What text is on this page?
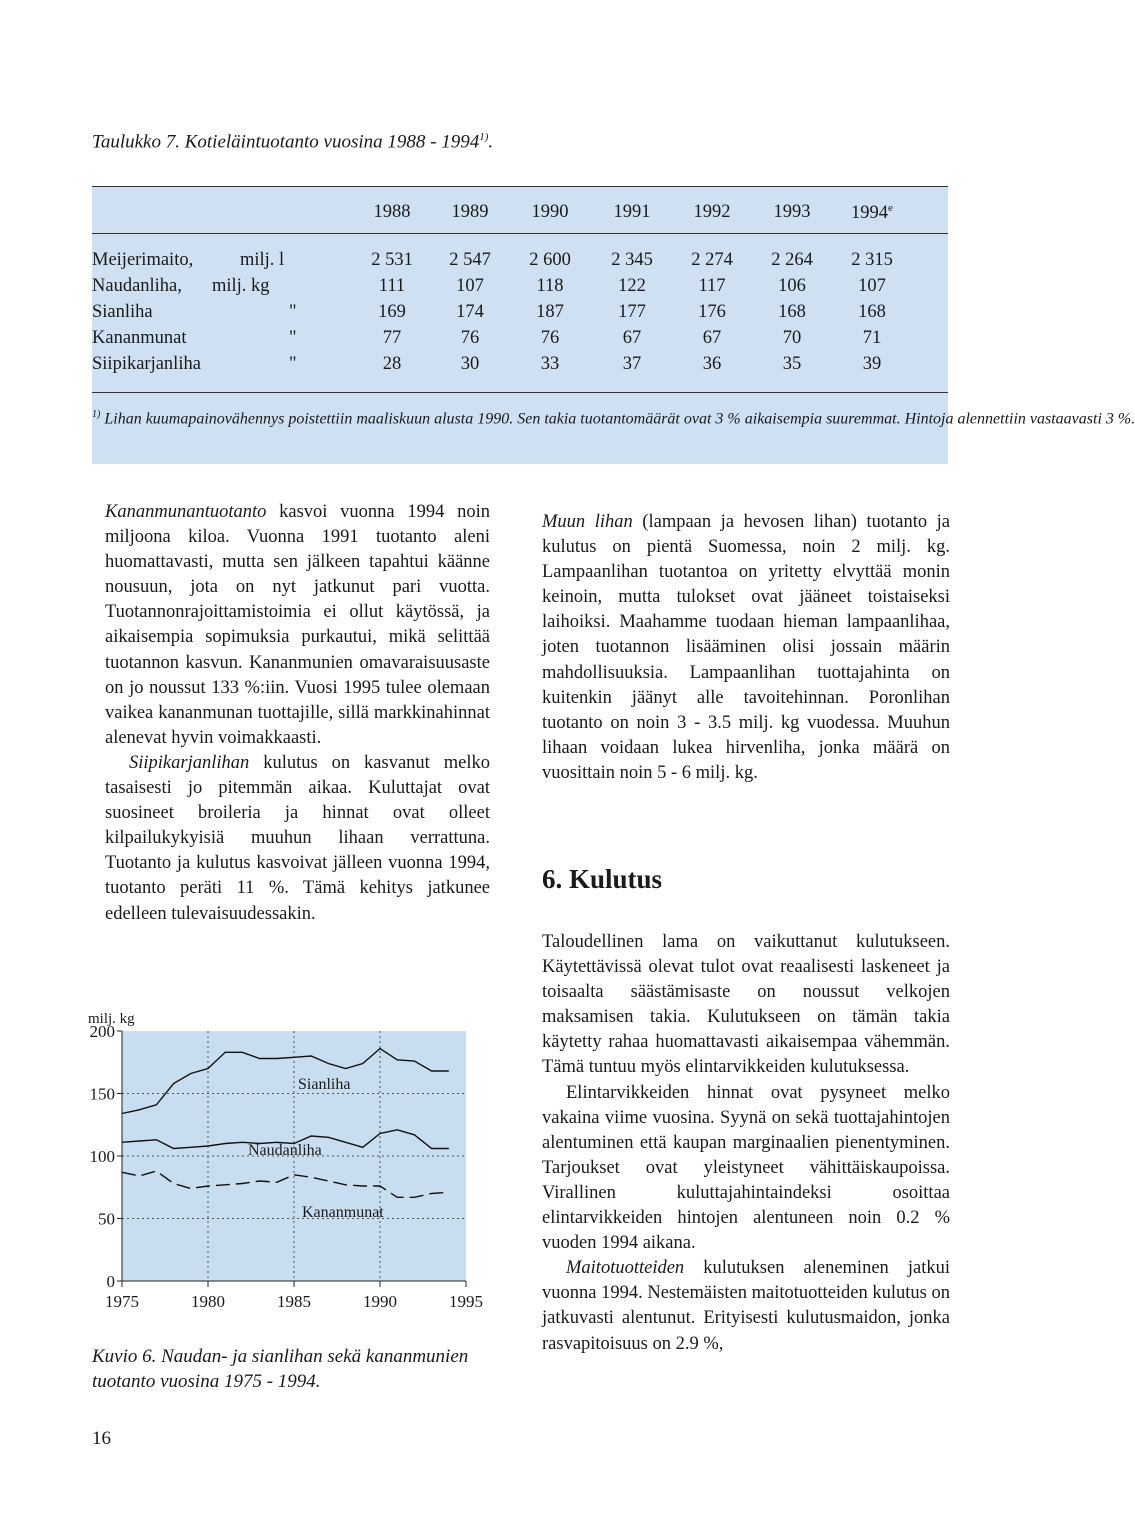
Taulukko 7. Kotieläintuotanto vuosina 1988 - 1994$^{1)}$.
1988	1989	1990	1991	1992	1993	1994e
Meijerimaito,	milj. l	2 531	2 547	2 600	2 345	2 274	2 264	2 315
Naudanliha, milj. kg	111	107	118	122	117	106	107
Sianliha	"	169	174	187	177	176	168	168
Kananmunat	"	77	76	76	67	67	70	71
Siipikarjanliha	"	28	30	33	37	36	35	39
$^{1)}$ Lihan kuumapainovähennys poistettiin maaliskuun alusta 1990. Sen takia tuotantomäärät ovat 3 % aikaisempia suuremmat. Hintoja alennettiin vastaavasti 3 %.

Kananmunantuotanto kasvoi vuonna 1994 noin miljoona kiloa. Vuonna 1991 tuotanto aleni huomattavasti, mutta sen jälkeen tapahtui käänne nousuun, jota on nyt jatkunut pari vuotta. Tuotannonrajoittamistoimia ei ollut käytössä, ja aikaisempia sopimuksia purkautui, mikä selittää tuotannon kasvun. Kananmunien omavaraisuusaste on jo noussut 133 %:iin. Vuosi 1995 tulee olemaan vaikea kananmunan tuottajille, sillä markkinahinnat alenevat hyvin voimakkaasti.

Siipikarjanlihan kulutus on kasvanut melko tasaisesti jo pitemmän aikaa. Kuluttajat ovat suosineet broileria ja hinnat ovat olleet kilpailukykyisiä muuhun lihaan verrattuna. Tuotanto ja kulutus kasvoivat jälleen vuonna 1994, tuotanto peräti 11 %. Tämä kehitys jatkunee edelleen tulevaisuudessakin.

0
50
100
150
200
1975	1980	1985	1990	1995
milj. kg
Sianliha
Naudanliha
Kananmunat
Kuvio 6. Naudan- ja sianlihan sekä kananmunien tuotanto vuosina 1975 - 1994.

Muun lihan (lampaan ja hevosen lihan) tuotanto ja kulutus on pientä Suomessa, noin 2 milj. kg. Lampaanlihan tuotantoa on yritetty elvyttää monin keinoin, mutta tulokset ovat jääneet toistaiseksi laihoiksi. Maahamme tuodaan hieman lampaanlihaa, joten tuotannon lisääminen olisi jossain määrin mahdollisuuksia. Lampaanlihan tuottajahinta on kuitenkin jäänyt alle tavoitehinnan. Poronlihan tuotanto on noin 3 - 3.5 milj. kg vuodessa. Muuhun lihaan voidaan lukea hirvenliha, jonka määrä on vuosittain noin 5 - 6 milj. kg.

6. Kulutus

Taloudellinen lama on vaikuttanut kulutukseen. Käytettävissä olevat tulot ovat reaalisesti laskeneet ja toisaalta säästämisaste on noussut velkojen maksamisen takia. Kulutukseen on tämän takia käytetty rahaa huomattavasti aikaisempaa vähemmän. Tämä tuntuu myös elintarvikkeiden kulutuksessa.

Elintarvikkeiden hinnat ovat pysyneet melko vakaina viime vuosina. Syynä on sekä tuottajahintojen alentuminen että kaupan marginaalien pienentyminen. Tarjoukset ovat yleistyneet vähittäiskaupoissa. Virallinen kuluttajahintaindeksi osoittaa elintarvikkeiden hintojen alentuneen noin 0.2 % vuoden 1994 aikana.

Maitotuotteiden kulutuksen aleneminen jatkui vuonna 1994. Nestemäisten maitotuotteiden kulutus on jatkuvasti alentunut. Erityisesti kulutusmaidon, jonka rasvapitoisuus on 2.9 %,

16
